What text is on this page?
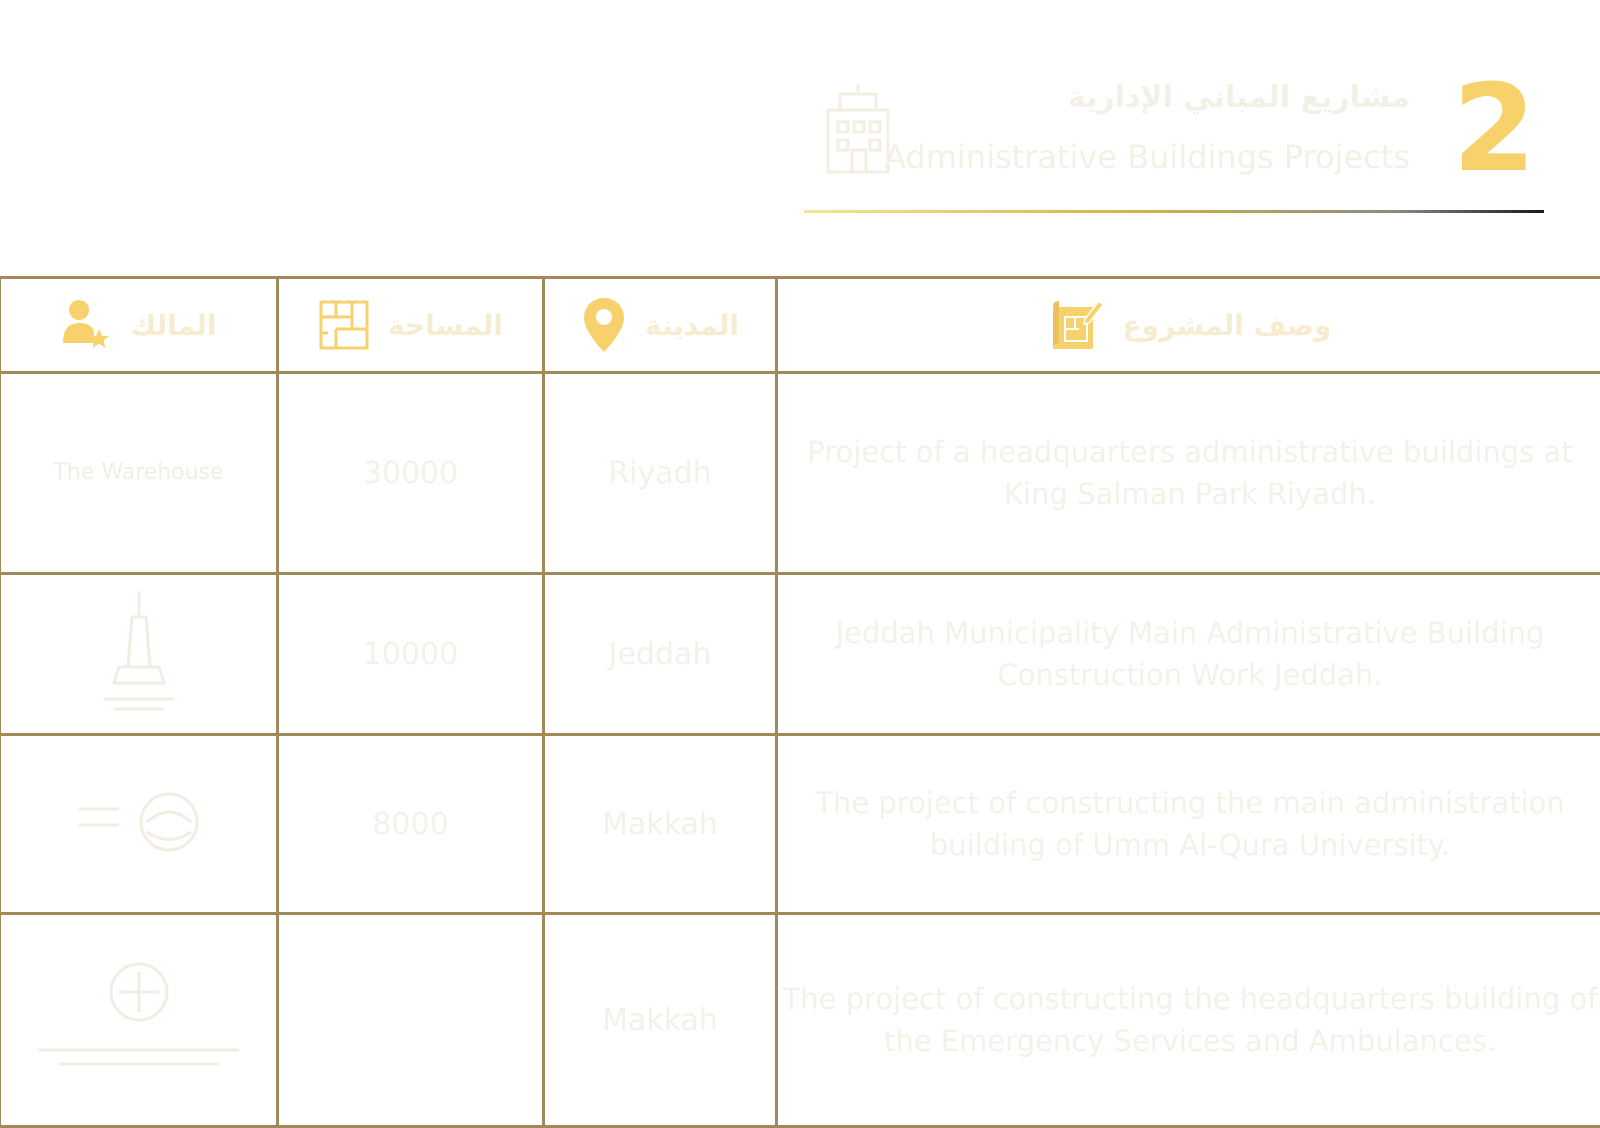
مشاريع المباني الإدارية
Administrative Buildings Projects 2
المالك	المساحة	المدينة	وصف المشروع

The Warehouse	30000	Riyadh	Project of a headquarters administrative buildings at King Salman Park Riyadh.
	10000	Jeddah	Jeddah Municipality Main Administrative Building Construction Work Jeddah.
	8000	Makkah	The project of constructing the main administration building of Umm Al-Qura University.
		Makkah	The project of constructing the headquarters building of the Emergency Services and Ambulances.
